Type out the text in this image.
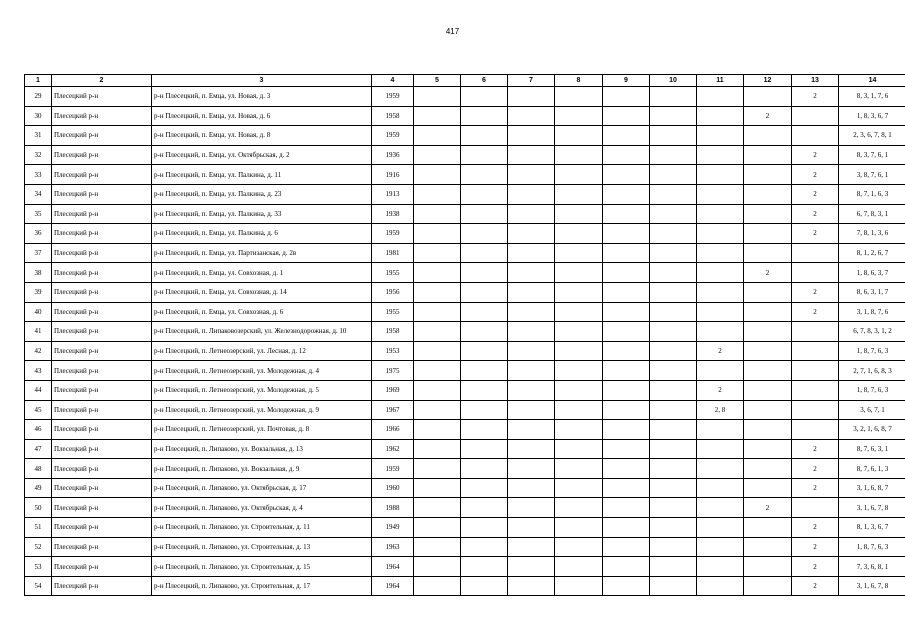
417
1	2	3	4	5	6	7	8	9	10	11	12	13	14
29	Плесецкий р-н	р-н Плесецкий, п. Емца, ул. Новая, д. 3	1959									2	8, 3, 1, 7, 6
30	Плесецкий р-н	р-н Плесецкий, п. Емца, ул. Новая, д. 6	1958								2		1, 8, 3, 6, 7
31	Плесецкий р-н	р-н Плесецкий, п. Емца, ул. Новая, д. 8	1959										2, 3, 6, 7, 8, 1
32	Плесецкий р-н	р-н Плесецкий, п. Емца, ул. Октябрьская, д. 2	1936									2	8, 3, 7, 6, 1
33	Плесецкий р-н	р-н Плесецкий, п. Емца, ул. Палкина, д. 11	1916									2	3, 8, 7, 6, 1
34	Плесецкий р-н	р-н Плесецкий, п. Емца, ул. Палкина, д. 23	1913									2	8, 7, 1, 6, 3
35	Плесецкий р-н	р-н Плесецкий, п. Емца, ул. Палкина, д. 33	1938									2	6, 7, 8, 3, 1
36	Плесецкий р-н	р-н Плесецкий, п. Емца, ул. Палкина, д. 6	1959									2	7, 8, 1, 3, 6
37	Плесецкий р-н	р-н Плесецкий, п. Емца, ул. Партизанская, д. 2в	1981										8, 1, 2, 6, 7
38	Плесецкий р-н	р-н Плесецкий, п. Емца, ул. Совхозная, д. 1	1955								2		1, 8, 6, 3, 7
39	Плесецкий р-н	р-н Плесецкий, п. Емца, ул. Совхозная, д. 14	1956									2	8, 6, 3, 1, 7
40	Плесецкий р-н	р-н Плесецкий, п. Емца, ул. Совхозная, д. 6	1955									2	3, 1, 8, 7, 6
41	Плесецкий р-н	р-н Плесецкий, п. Липаковозерский, ул. Железнодорожная, д. 10	1958										6, 7, 8, 3, 1, 2
42	Плесецкий р-н	р-н Плесецкий, п. Летнеозерский, ул. Лесная, д. 12	1953							2			1, 8, 7, 6, 3
43	Плесецкий р-н	р-н Плесецкий, п. Летнеозерский, ул. Молодежная, д. 4	1975										2, 7, 1, 6, 8, 3
44	Плесецкий р-н	р-н Плесецкий, п. Летнеозерский, ул. Молодежная, д. 5	1969							2			1, 8, 7, 6, 3
45	Плесецкий р-н	р-н Плесецкий, п. Летнеозерский, ул. Молодежная, д. 9	1967							2, 8			3, 6, 7, 1
46	Плесецкий р-н	р-н Плесецкий, п. Летнеозерский, ул. Почтовая, д. 8	1966										3, 2, 1, 6, 8, 7
47	Плесецкий р-н	р-н Плесецкий, п. Липаково, ул. Вокзальная, д. 13	1962									2	8, 7, 6, 3, 1
48	Плесецкий р-н	р-н Плесецкий, п. Липаково, ул. Вокзальная, д. 9	1959									2	8, 7, 6, 1, 3
49	Плесецкий р-н	р-н Плесецкий, п. Липаково, ул. Октябрьская, д. 17	1960									2	3, 1, 6, 8, 7
50	Плесецкий р-н	р-н Плесецкий, п. Липаково, ул. Октябрьская, д. 4	1988								2		3, 1, 6, 7, 8
51	Плесецкий р-н	р-н Плесецкий, п. Липаково, ул. Строительная, д. 11	1949									2	8, 1, 3, 6, 7
52	Плесецкий р-н	р-н Плесецкий, п. Липаково, ул. Строительная, д. 13	1963									2	1, 8, 7, 6, 3
53	Плесецкий р-н	р-н Плесецкий, п. Липаково, ул. Строительная, д. 15	1964									2	7, 3, 6, 8, 1
54	Плесецкий р-н	р-н Плесецкий, п. Липаково, ул. Строительная, д. 17	1964									2	3, 1, 6, 7, 8
